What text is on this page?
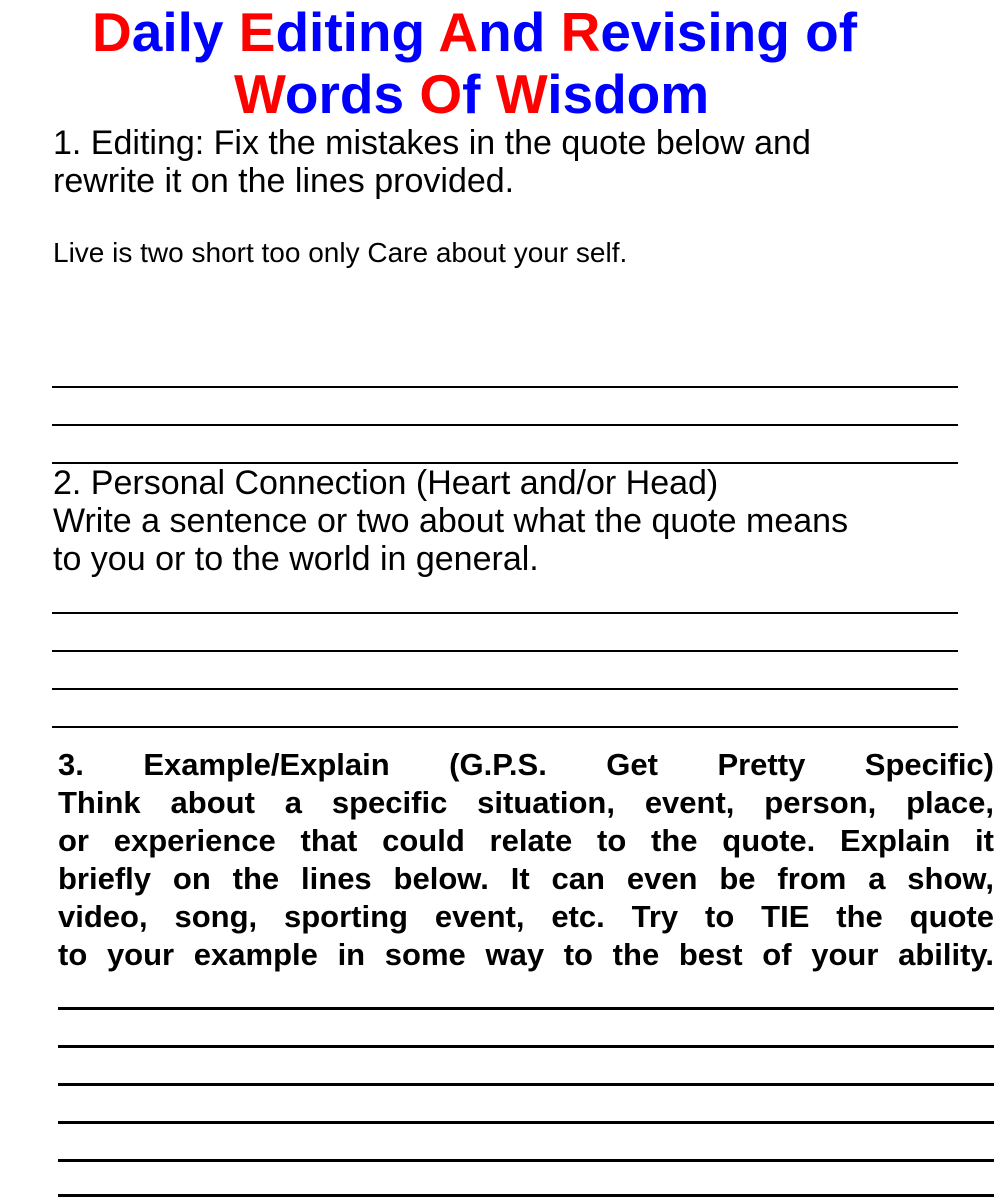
Daily Editing And Revising of
Words Of Wisdom

1. Editing: Fix the mistakes in the quote below and

rewrite it on the lines provided.

Live is two short too only Care about your self.

2. Personal Connection (Heart and/or Head)

Write a sentence or two about what the quote means

to you or to the world in general.

3. Example/Explain (G.P.S. Get Pretty Specific)

Think about a specific situation, event, person, place,

or experience that could relate to the quote. Explain it

briefly on the lines below. It can even be from a show,

video, song, sporting event, etc. Try to TIE the quote

to your example in some way to the best of your ability.
